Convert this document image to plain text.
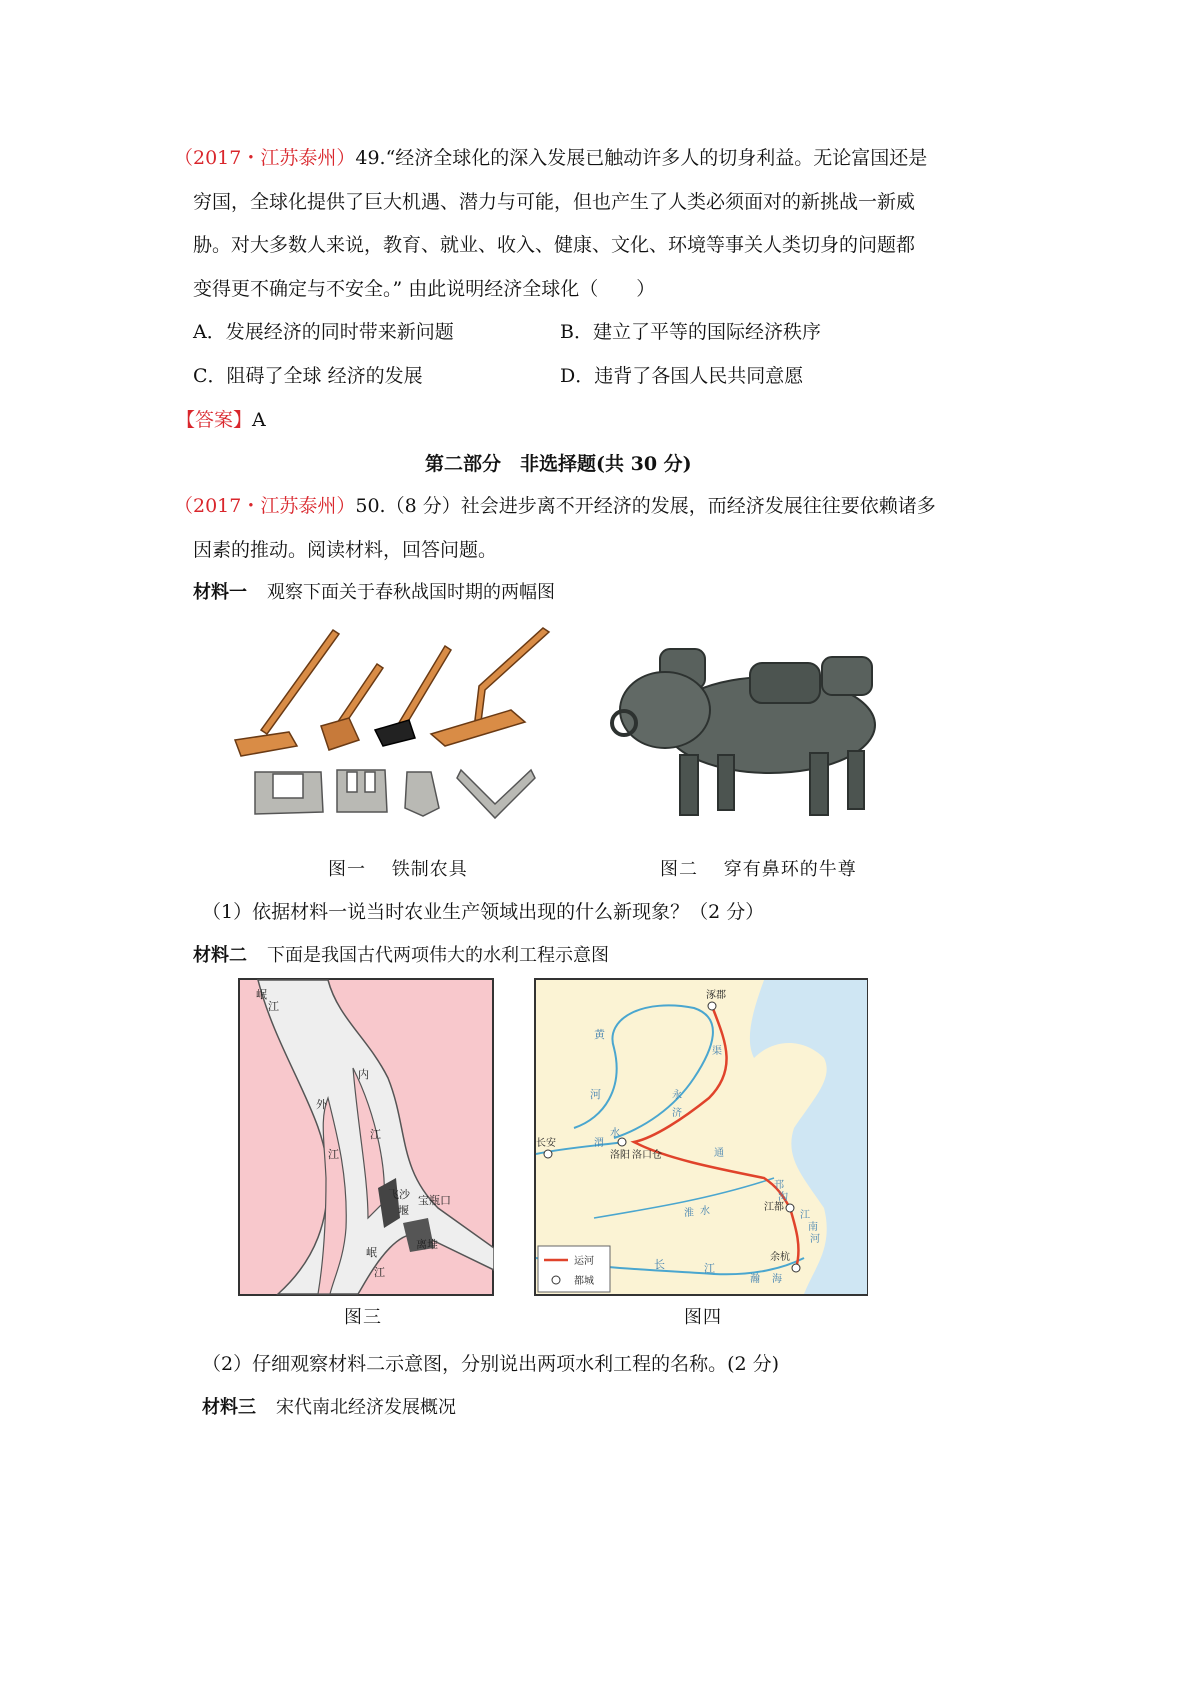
（2017・江苏泰州）49.“经济全球化的深入发展已触动许多人的切身利益。无论富国还是
穷国，全球化提供了巨大机遇、潜力与可能，但也产生了人类必须面对的新挑战一新威
胁。对大多数人来说，教育、就业、收入、健康、文化、环境等事关人类切身的问题都
变得更不确定与不安全。” 由此说明经济全球化（　　）
A．发展经济的同时带来新问题	B．建立了平等的国际经济秩序
C．阻碍了全球 经济的发展	D．违背了各国人民共同意愿
【答案】A
第二部分　非选择题(共 30 分)
（2017・江苏泰州）50.（8 分）社会进步离不开经济的发展，而经济发展往往要依赖诸多
因素的推动。阅读材料，回答问题。
材料一 观察下面关于春秋战国时期的两幅图
图一　 铁制农具	图二　 穿有鼻环的牛尊
（1）依据材料一说当时农业生产领域出现的什么新现象？（2 分）
材料二 下面是我国古代两项伟大的水利工程示意图
岷
江
内
江
外
江
飞沙
堰
宝瓶口
离堆
岷
江
涿郡
长安
洛阳 洛口仓
江都
余杭
河
黄
渭
水
永
济
渠
通
淮 水
邗
沟
长	江
南
河
江
瀚 海
运河
都城
图三	图四
（2）仔细观察材料二示意图，分别说出两项水利工程的名称。(2 分)
材料三 宋代南北经济发展概况
